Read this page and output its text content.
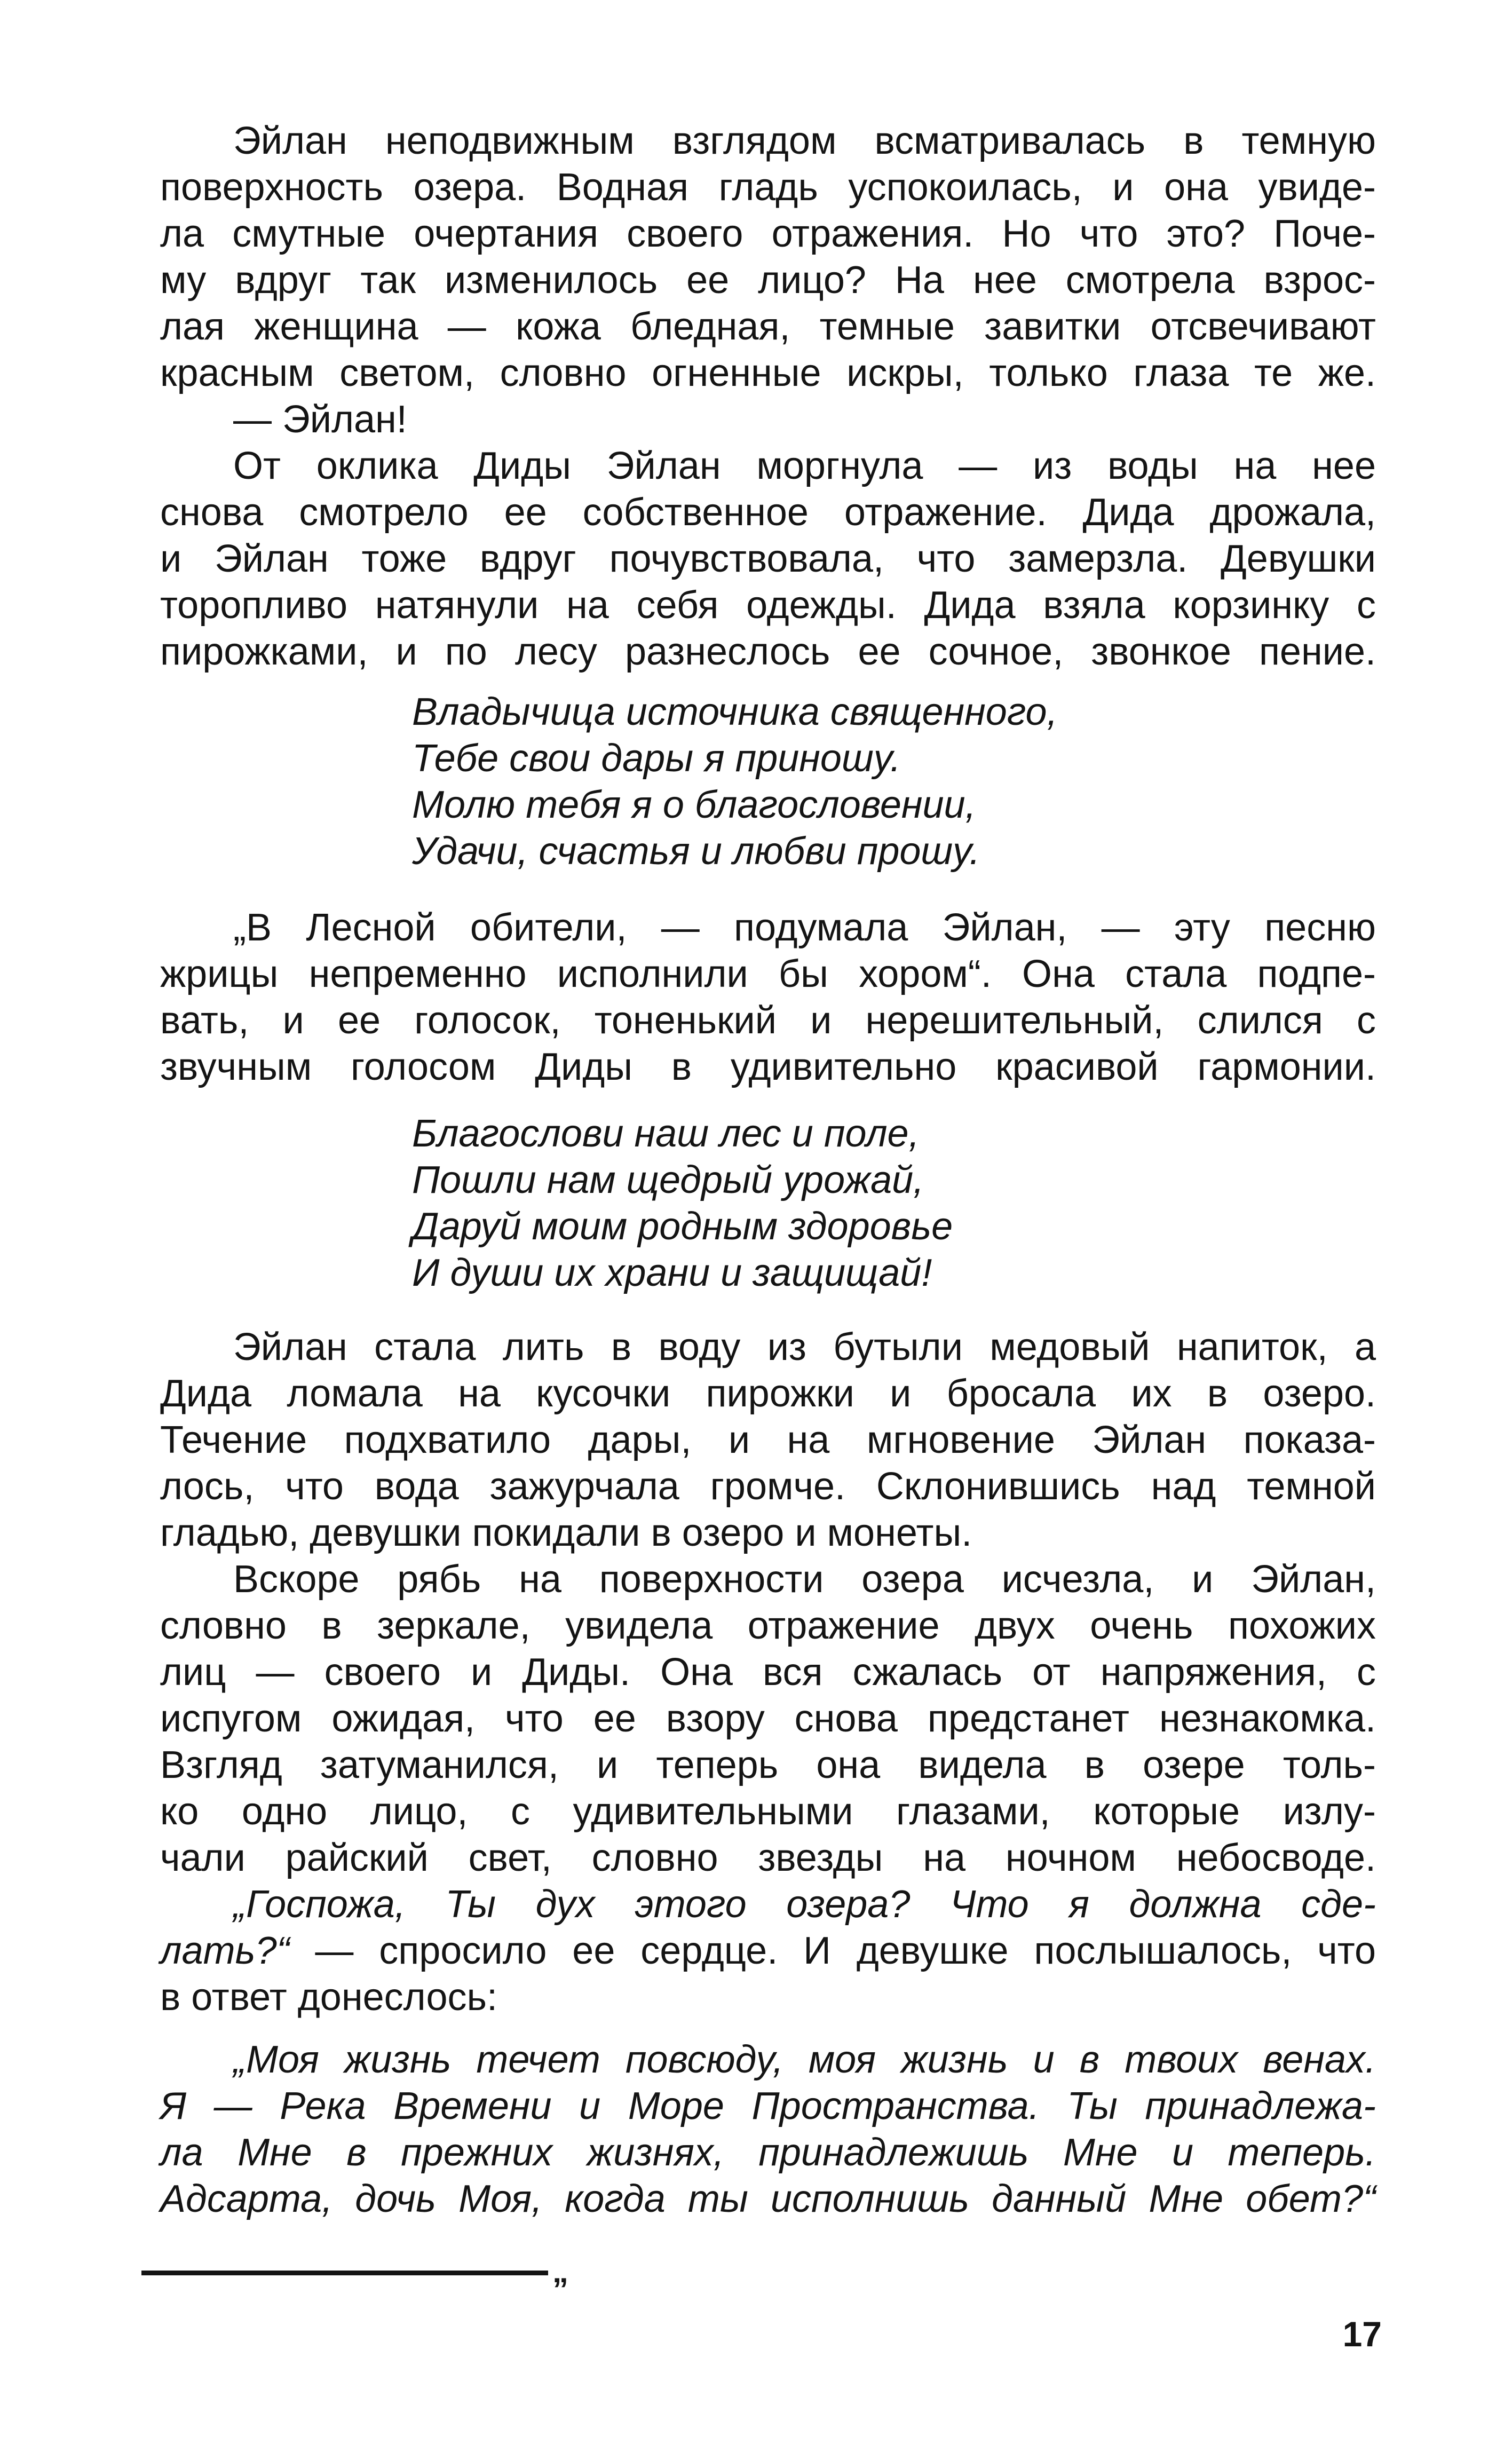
Эйлан неподвижным взглядом всматривалась в темную
поверхность озера. Водная гладь успокоилась, и она увиде-
ла смутные очертания своего отражения. Но что это? Поче-
му вдруг так изменилось ее лицо? На нее смотрела взрос-
лая женщина — кожа бледная, темные завитки отсвечивают
красным светом, словно огненные искры, только глаза те же.
— Эйлан!
От оклика Диды Эйлан моргнула — из воды на нее
снова смотрело ее собственное отражение. Дида дрожала,
и Эйлан тоже вдруг почувствовала, что замерзла. Девушки
торопливо натянули на себя одежды. Дида взяла корзинку с
пирожками, и по лесу разнеслось ее сочное, звонкое пение.
Владычица источника священного,
Тебе свои дары я приношу.
Молю тебя я о благословении,
Удачи, счастья и любви прошу.
„В Лесной обители, — подумала Эйлан, — эту песню
жрицы непременно исполнили бы хором“. Она стала подпе-
вать, и ее голосок, тоненький и нерешительный, слился с
звучным голосом Диды в удивительно красивой гармонии.
Благослови наш лес и поле,
Пошли нам щедрый урожай,
Даруй моим родным здоровье
И души их храни и защищай!
Эйлан стала лить в воду из бутыли медовый напиток, а
Дида ломала на кусочки пирожки и бросала их в озеро.
Течение подхватило дары, и на мгновение Эйлан показа-
лось, что вода зажурчала громче. Склонившись над темной
гладью, девушки покидали в озеро и монеты.
Вскоре рябь на поверхности озера исчезла, и Эйлан,
словно в зеркале, увидела отражение двух очень похожих
лиц — своего и Диды. Она вся сжалась от напряжения, с
испугом ожидая, что ее взору снова предстанет незнакомка.
Взгляд затуманился, и теперь она видела в озере толь-
ко одно лицо, с удивительными глазами, которые излу-
чали райский свет, словно звезды на ночном небосводе.
„Госпожа, Ты дух этого озера? Что я должна сде-
лать?“ — спросило ее сердце. И девушке послышалось, что
в ответ донеслось:
„Моя жизнь течет повсюду, моя жизнь и в твоих венах.
Я — Река Времени и Море Пространства. Ты принадлежа-
ла Мне в прежних жизнях, принадлежишь Мне и теперь.
Адсарта, дочь Моя, когда ты исполнишь данный Мне обет?“
„
17
